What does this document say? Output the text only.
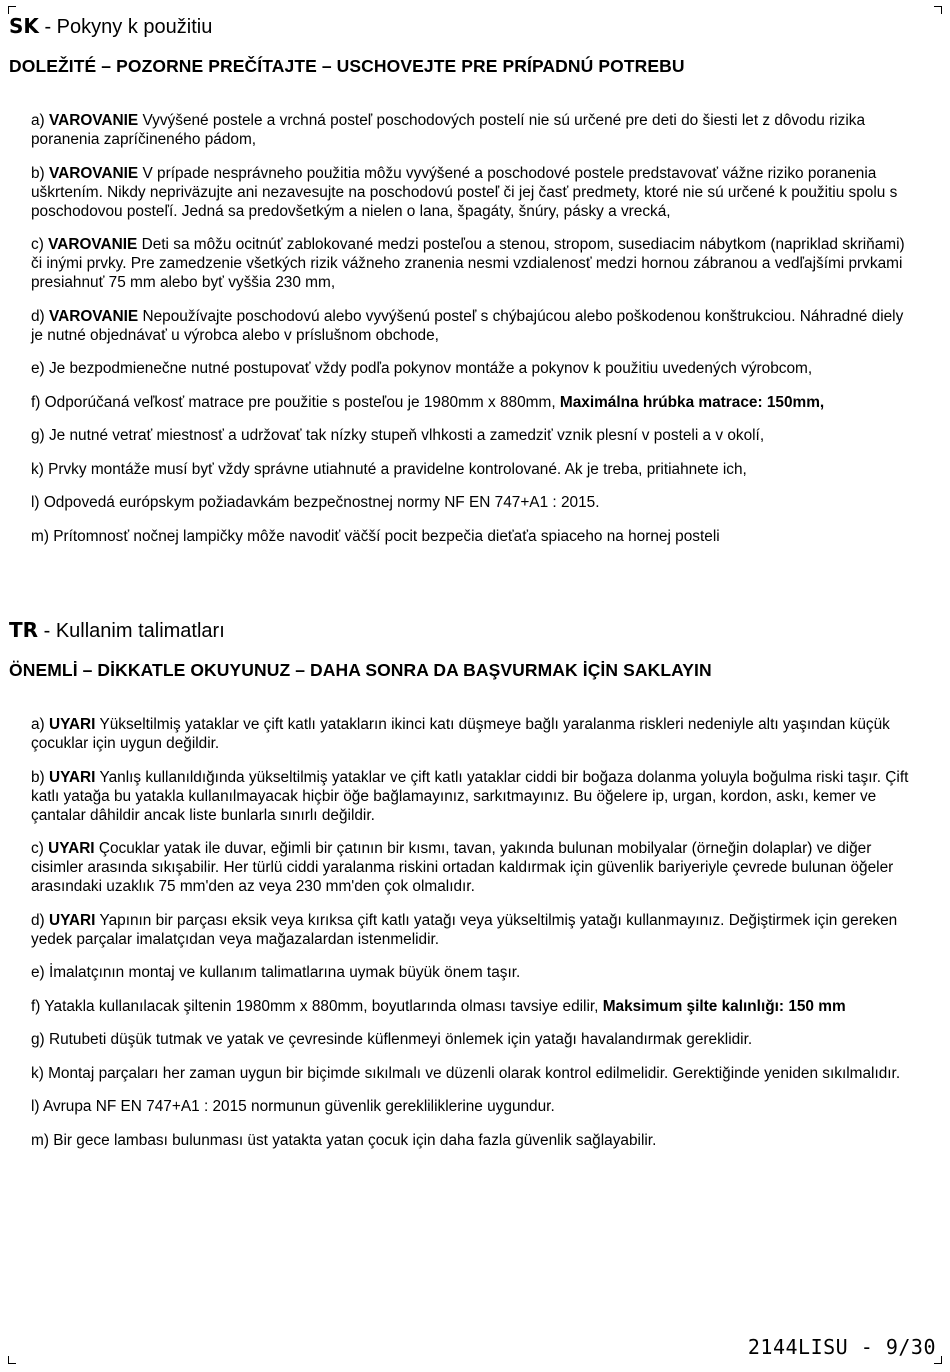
SK - Pokyny k použitiu
DOLEŽITÉ – POZORNE PREČÍTAJTE – USCHOVEJTE PRE PRÍPADNÚ POTREBU

a) VAROVANIE Vyvýšené postele a vrchná posteľ poschodových postelí nie sú určené pre deti do šiesti let z dôvodu rizika poranenia zapríčineného pádom,

b) VAROVANIE V prípade nesprávneho použitia môžu vyvýšené a poschodové postele predstavovať vážne riziko poranenia uškrtením. Nikdy nepriväzujte ani nezavesujte na poschodovú posteľ či jej časť predmety, ktoré nie sú určené k použitiu spolu s poschodovou posteľí. Jedná sa predovšetkým a nielen o lana, špagáty, šnúry, pásky a vrecká,

c) VAROVANIE Deti sa môžu ocitnúť zablokované medzi posteľou a stenou, stropom, susediacim nábytkom (napriklad skriňami) či inými prvky. Pre zamedzenie všetkých rizik vážneho zranenia nesmi vzdialenosť medzi hornou zábranou a vedľajšími prvkami presiahnuť 75 mm alebo byť vyššia 230 mm,

d) VAROVANIE Nepoužívajte poschodovú alebo vyvýšenú posteľ s chýbajúcou alebo poškodenou konštrukciou. Náhradné diely je nutné objednávať u výrobca alebo v príslušnom obchode,

e) Je bezpodmienečne nutné postupovať vždy podľa pokynov montáže a pokynov k použitiu uvedených výrobcom,

f) Odporúčaná veľkosť matrace pre použitie s posteľou je 1980mm x 880mm, Maximálna hrúbka matrace: 150mm,

g) Je nutné vetrať miestnosť a udržovať tak nízky stupeň vlhkosti a zamedziť vznik plesní v posteli a v okolí,

k) Prvky montáže musí byť vždy správne utiahnuté a pravidelne kontrolované. Ak je treba, pritiahnete ich,

l) Odpovedá európskym požiadavkám bezpečnostnej normy NF EN 747+A1 : 2015.

m) Prítomnosť nočnej lampičky môže navodiť väčší pocit bezpečia dieťaťa spiaceho na hornej posteli

TR - Kullanim talimatları
ÖNEMLİ – DİKKATLE OKUYUNUZ – DAHA SONRA DA BAŞVURMAK İÇİN SAKLAYIN

a) UYARI Yükseltilmiş yataklar ve çift katlı yatakların ikinci katı düşmeye bağlı yaralanma riskleri nedeniyle altı yaşından küçük çocuklar için uygun değildir.

b) UYARI Yanlış kullanıldığında yükseltilmiş yataklar ve çift katlı yataklar ciddi bir boğaza dolanma yoluyla boğulma riski taşır. Çift katlı yatağa bu yatakla kullanılmayacak hiçbir öğe bağlamayınız, sarkıtmayınız. Bu öğelere ip, urgan, kordon, askı, kemer ve çantalar dâhildir ancak liste bunlarla sınırlı değildir.

c) UYARI Çocuklar yatak ile duvar, eğimli bir çatının bir kısmı, tavan, yakında bulunan mobilyalar (örneğin dolaplar) ve diğer cisimler arasında sıkışabilir. Her türlü ciddi yaralanma riskini ortadan kaldırmak için güvenlik bariyeriyle çevrede bulunan öğeler arasındaki uzaklık 75 mm'den az veya 230 mm'den çok olmalıdır.

d) UYARI Yapının bir parçası eksik veya kırıksa çift katlı yatağı veya yükseltilmiş yatağı kullanmayınız. Değiştirmek için gereken yedek parçalar imalatçıdan veya mağazalardan istenmelidir.

e) İmalatçının montaj ve kullanım talimatlarına uymak büyük önem taşır.

f) Yatakla kullanılacak şiltenin 1980mm x 880mm, boyutlarında olması tavsiye edilir, Maksimum şilte kalınlığı: 150 mm

g) Rutubeti düşük tutmak ve yatak ve çevresinde küflenmeyi önlemek için yatağı havalandırmak gereklidir.

k) Montaj parçaları her zaman uygun bir biçimde sıkılmalı ve düzenli olarak kontrol edilmelidir. Gerektiğinde yeniden sıkılmalıdır.

l) Avrupa NF EN 747+A1 : 2015 normunun güvenlik gerekliliklerine uygundur.

m) Bir gece lambası bulunması üst yatakta yatan çocuk için daha fazla güvenlik sağlayabilir.

2144LISU - 9/30
